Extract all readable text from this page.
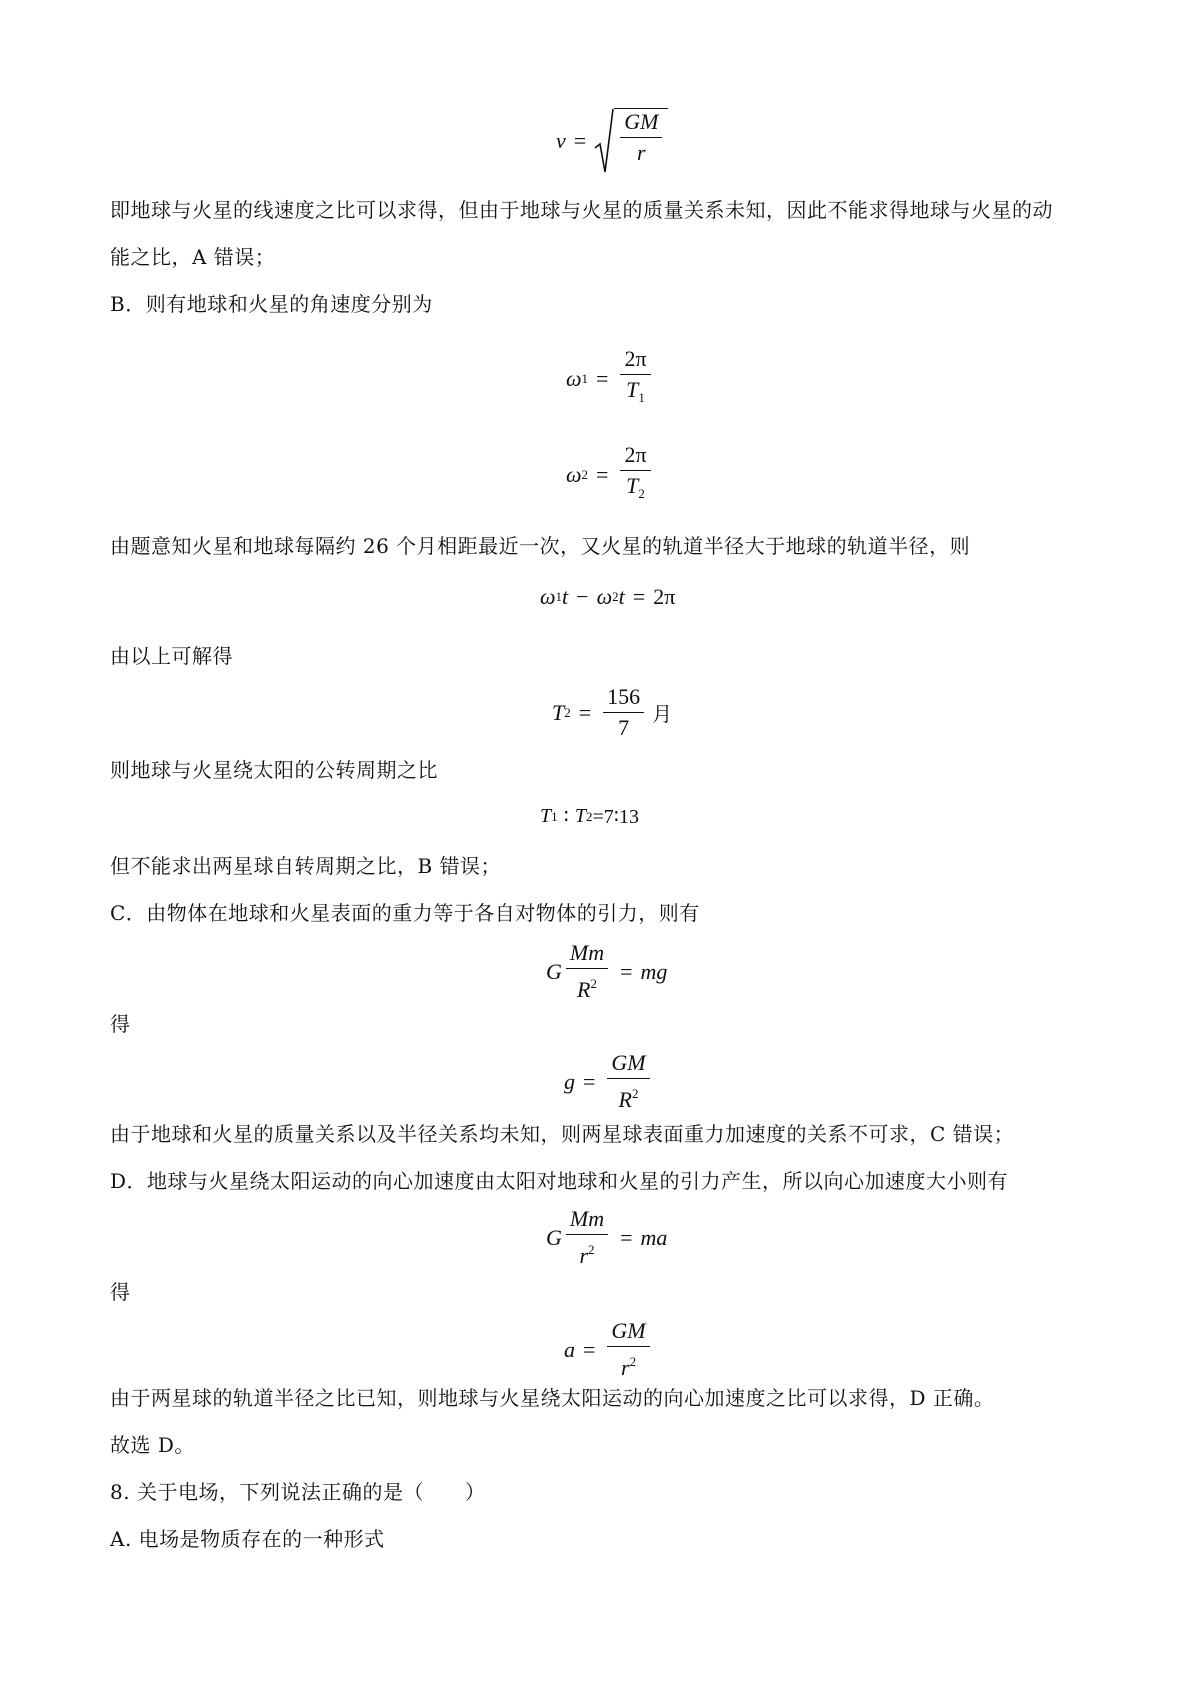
$v = \frac{GM}{r}$
即地球与火星的线速度之比可以求得，但由于地球与火星的质量关系未知，因此不能求得地球与火星的动
能之比，A 错误；
B．则有地球和火星的角速度分别为
ω $1 = \frac{2\pi}{T_1}$
ω $2 = \frac{2\pi}{T_2}$
由题意知火星和地球每隔约 26 个月相距最近一次，又火星的轨道半径大于地球的轨道半径，则
ω 1 t − ω 2 t = 2π
由以上可解得
T $2 = \frac{156}{7}$ 月
则地球与火星绕太阳的公转周期之比
T 1 ∶ T 2 =7∶13
但不能求出两星球自转周期之比，B 错误；
C．由物体在地球和火星表面的重力等于各自对物体的引力，则有
G $\frac{Mm}{R^2}$ = mg
得
$g = \frac{GM}{R^2}$
由于地球和火星的质量关系以及半径关系均未知，则两星球表面重力加速度的关系不可求，C 错误；
D．地球与火星绕太阳运动的向心加速度由太阳对地球和火星的引力产生，所以向心加速度大小则有
G $\frac{Mm}{r^2}$ = ma
得
$a = \frac{GM}{r^2}$
由于两星球的轨道半径之比已知，则地球与火星绕太阳运动的向心加速度之比可以求得，D 正确。
故选 D。
8. 关于电场，下列说法正确的是（　　）
A. 电场是物质存在的一种形式
